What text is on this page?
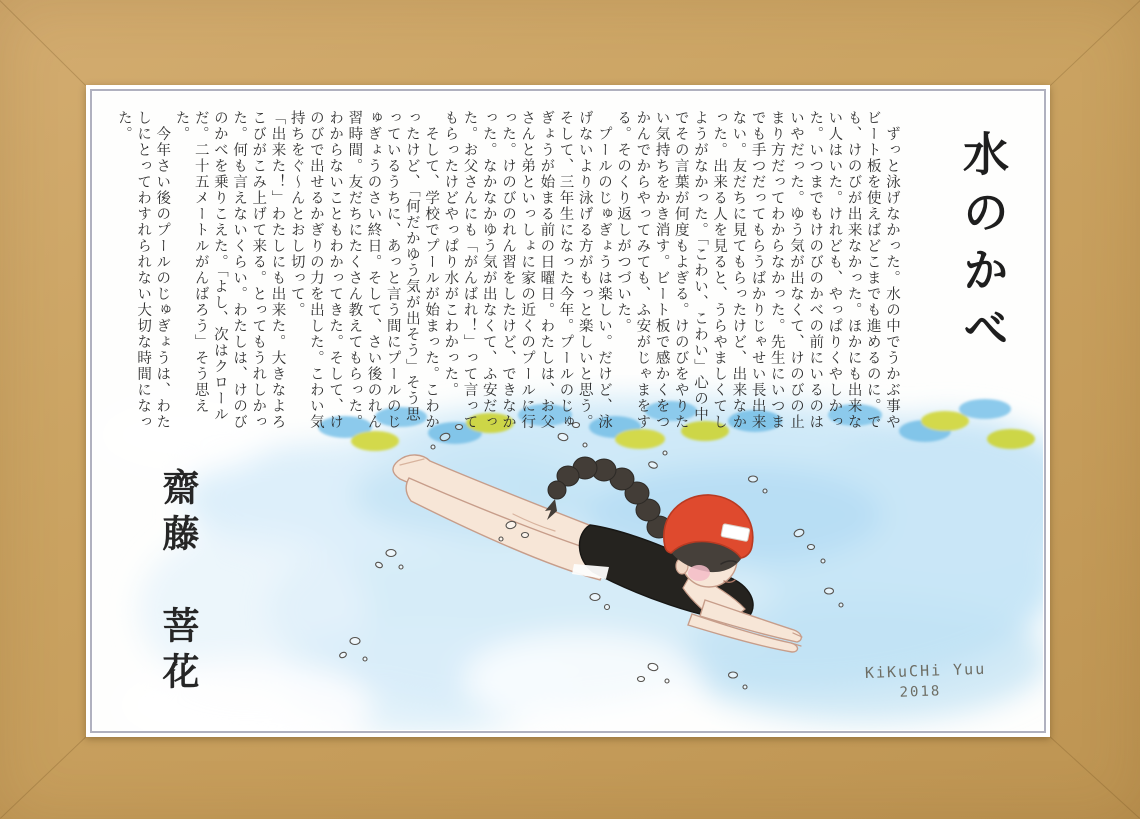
KiKuCHi Yuu
2018
水のかべ

　ずっと泳げなかった。水の中でうかぶ事やビート板を使えばどこまでも進めるのに。でも、けのびが出来なかった。ほかにも出来ない人はいた。けれども、やっぱりくやしかった。いつまでもけのびのかべの前にいるのはいやだった。ゆう気が出なくて、けのびの止まり方だってわからなかった。先生にいつまでも手つだってもらうばかりじゃせい長出来ない。友だちに見てもらったけど、出来なかった。出来る人を見ると、うらやましくてしようがなかった。「こわい、こわい」心の中でその言葉が何度もよぎる。けのびをやりたい気持ちをかき消す。ビート板で感かくをつかんでからやってみても、ふ安がじゃまをする。そのくり返しがつづいた。

　プールのじゅぎょうは楽しい。だけど、泳げないより泳げる方がもっと楽しいと思う。そして、三年生になった今年。プールのじゅぎょうが始まる前の日曜日。わたしは、お父さんと弟といっしょに家の近くのプールに行った。けのびのれん習をしたけど、できなかった。なかなかゆう気が出なくて、ふ安だった。お父さんにも「がんばれ！」って言ってもらったけどやっぱり水がこわかった。

　そして、学校でプールが始まった。こわかったけど、「何だかゆう気が出そう」そう思っているうちに、あっと言う間にプールのじゅぎょうのさい終日。そして、さい後のれん習時間。友だちにたくさん教えてもらった。わからないこともわかってきた。そして、けのびで出せるかぎりの力を出した。こわい気持ちをぐ〜んとおし切って。

「出来た！」わたしにも出来た。大きなよろこびがこみ上げて来る。とってもうれしかった。何も言えないくらい。わたしは、けのびのかべを乗りこえた。「よし、次はクロールだ。二十五メートルがんばろう」そう思えた。

　今年さい後のプールのじゅぎょうは、わたしにとってわすれられない大切な時間になった。

齋藤　菩花
